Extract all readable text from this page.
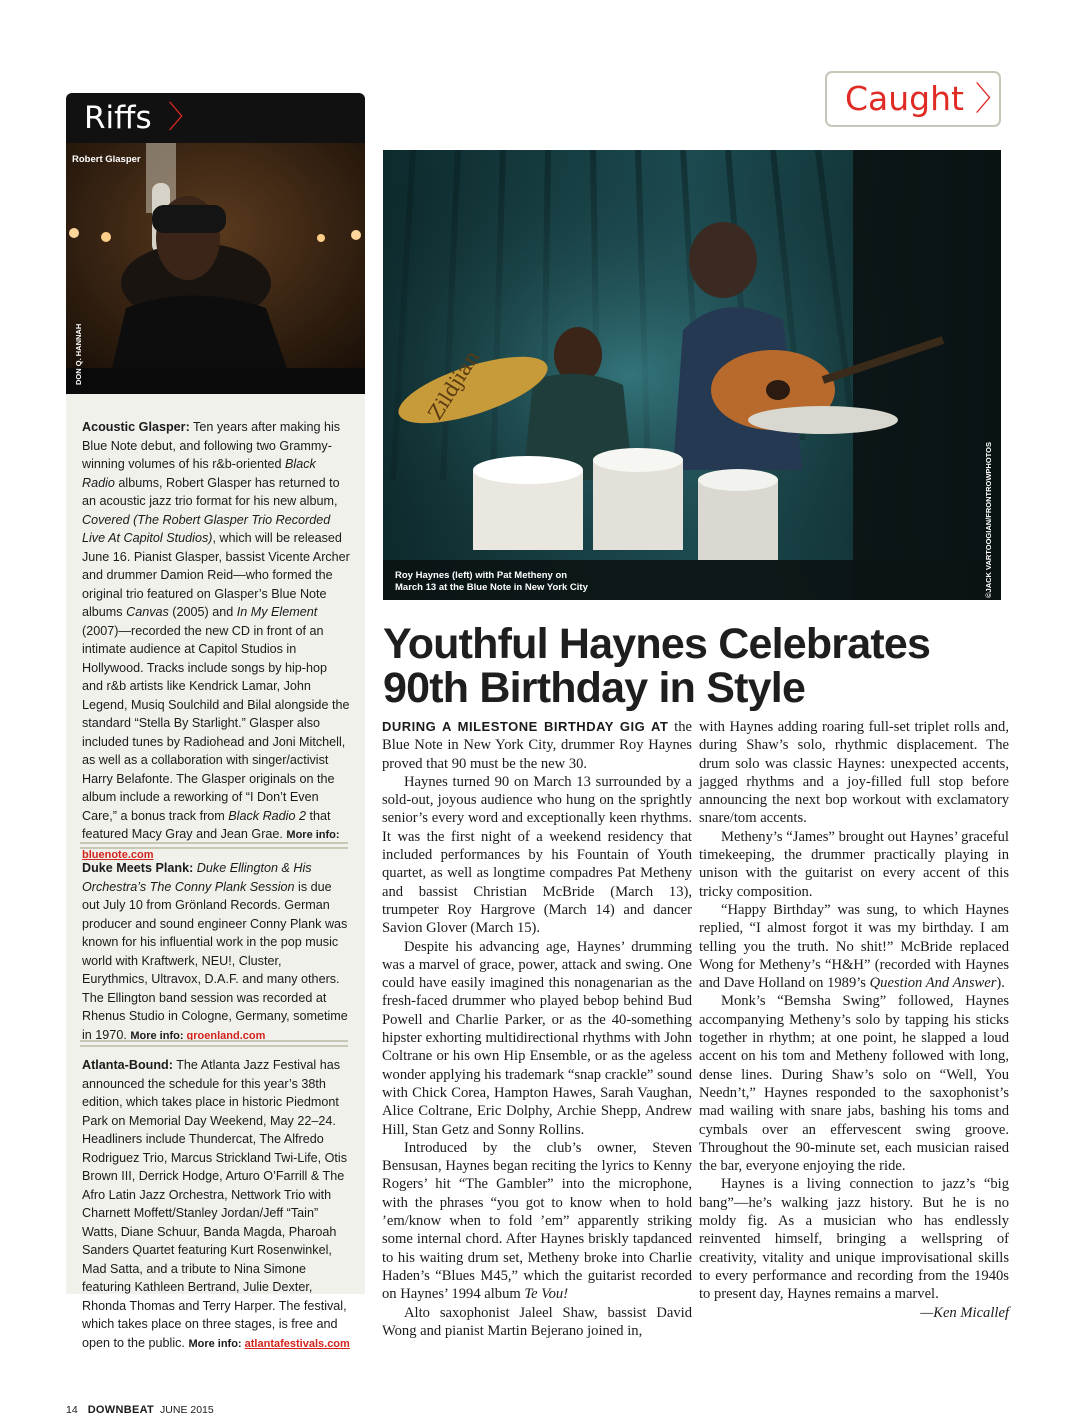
Riffs 〉
Robert Glasper
DON Q. HANNAH
Acoustic Glasper: Ten years after making his Blue Note debut, and following two Grammy-winning volumes of his r&b-oriented Black Radio albums, Robert Glasper has returned to an acoustic jazz trio format for his new album, Covered (The Robert Glasper Trio Recorded Live At Capitol Studios), which will be released June 16. Pianist Glasper, bassist Vicente Archer and drummer Damion Reid—who formed the original trio featured on Glasper’s Blue Note albums Canvas (2005) and In My Element (2007)—recorded the new CD in front of an intimate audience at Capitol Studios in Hollywood. Tracks include songs by hip-hop and r&b artists like Kendrick Lamar, John Legend, Musiq Soulchild and Bilal alongside the standard “Stella By Starlight.” Glasper also included tunes by Radiohead and Joni Mitchell, as well as a collaboration with singer/activist Harry Belafonte. The Glasper originals on the album include a reworking of “I Don’t Even Care,” a bonus track from Black Radio 2 that featured Macy Gray and Jean Grae. More info: bluenote.com
Duke Meets Plank: Duke Ellington & His Orchestra’s The Conny Plank Session is due out July 10 from Grönland Records. German producer and sound engineer Conny Plank was known for his influential work in the pop music world with Kraftwerk, NEU!, Cluster, Eurythmics, Ultravox, D.A.F. and many others. The Ellington band session was recorded at Rhenus Studio in Cologne, Germany, sometime in 1970. More info: groenland.com
Atlanta-Bound: The Atlanta Jazz Festival has announced the schedule for this year’s 38th edition, which takes place in historic Piedmont Park on Memorial Day Weekend, May 22–24. Headliners include Thundercat, The Alfredo Rodriguez Trio, Marcus Strickland Twi-Life, Otis Brown III, Derrick Hodge, Arturo O’Farrill & The Afro Latin Jazz Orchestra, Nettwork Trio with Charnett Moffett/Stanley Jordan/Jeff “Tain” Watts, Diane Schuur, Banda Magda, Pharoah Sanders Quartet featuring Kurt Rosenwinkel, Mad Satta, and a tribute to Nina Simone featuring Kathleen Bertrand, Julie Dexter, Rhonda Thomas and Terry Harper. The festival, which takes place on three stages, is free and open to the public. More info: atlantafestivals.com
Caught 〉
Zildjian
Roy Haynes (left) with Pat Metheny on
March 13 at the Blue Note in New York City	©JACK VARTOOGIAN/FRONTROWPHOTOS
Youthful Haynes Celebrates
90th Birthday in Style

DURING A MILESTONE BIRTHDAY GIG AT the Blue Note in New York City, drummer Roy Haynes proved that 90 must be the new 30.

Haynes turned 90 on March 13 surrounded by a sold-out, joyous audience who hung on the sprightly senior’s every word and exceptionally keen rhythms. It was the first night of a weekend residency that included performances by his Fountain of Youth quartet, as well as longtime compadres Pat Metheny and bassist Christian McBride (March 13), trumpeter Roy Hargrove (March 14) and dancer Savion Glover (March 15).

Despite his advancing age, Haynes’ drumming was a marvel of grace, power, attack and swing. One could have easily imagined this nonagenarian as the fresh-faced drummer who played bebop behind Bud Powell and Charlie Parker, or as the 40-something hipster exhorting multidirectional rhythms with John Coltrane or his own Hip Ensemble, or as the ageless wonder applying his trademark “snap crackle” sound with Chick Corea, Hampton Hawes, Sarah Vaughan, Alice Coltrane, Eric Dolphy, Archie Shepp, Andrew Hill, Stan Getz and Sonny Rollins.

Introduced by the club’s owner, Steven Bensusan, Haynes began reciting the lyrics to Kenny Rogers’ hit “The Gambler” into the microphone, with the phrases “you got to know when to hold ’em/know when to fold ’em” apparently striking some internal chord. After Haynes briskly tapdanced to his waiting drum set, Metheny broke into Charlie Haden’s “Blues M45,” which the guitarist recorded on Haynes’ 1994 album Te Vou!

Alto saxophonist Jaleel Shaw, bassist David Wong and pianist Martin Bejerano joined in,

with Haynes adding roaring full-set triplet rolls and, during Shaw’s solo, rhythmic displacement. The drum solo was classic Haynes: unexpected accents, jagged rhythms and a joy-filled full stop before announcing the next bop workout with exclamatory snare/tom accents.

Metheny’s “James” brought out Haynes’ graceful timekeeping, the drummer practically playing in unison with the guitarist on every accent of this tricky composition.

“Happy Birthday” was sung, to which Haynes replied, “I almost forgot it was my birthday. I am telling you the truth. No shit!” McBride replaced Wong for Metheny’s “H&H” (recorded with Haynes and Dave Holland on 1989’s Question And Answer).

Monk’s “Bemsha Swing” followed, Haynes accompanying Metheny’s solo by tapping his sticks together in rhythm; at one point, he slapped a loud accent on his tom and Metheny followed with long, dense lines. During Shaw’s solo on “Well, You Needn’t,” Haynes responded to the saxophonist’s mad wailing with snare jabs, bashing his toms and cymbals over an effervescent swing groove. Throughout the 90-minute set, each musician raised the bar, everyone enjoying the ride.

Haynes is a living connection to jazz’s “big bang”—he’s walking jazz history. But he is no moldy fig. As a musician who has endlessly reinvented himself, bringing a wellspring of creativity, vitality and unique improvisational skills to every performance and recording from the 1940s to present day, Haynes remains a marvel.
—Ken Micallef

14 DOWNBEAT JUNE 2015
